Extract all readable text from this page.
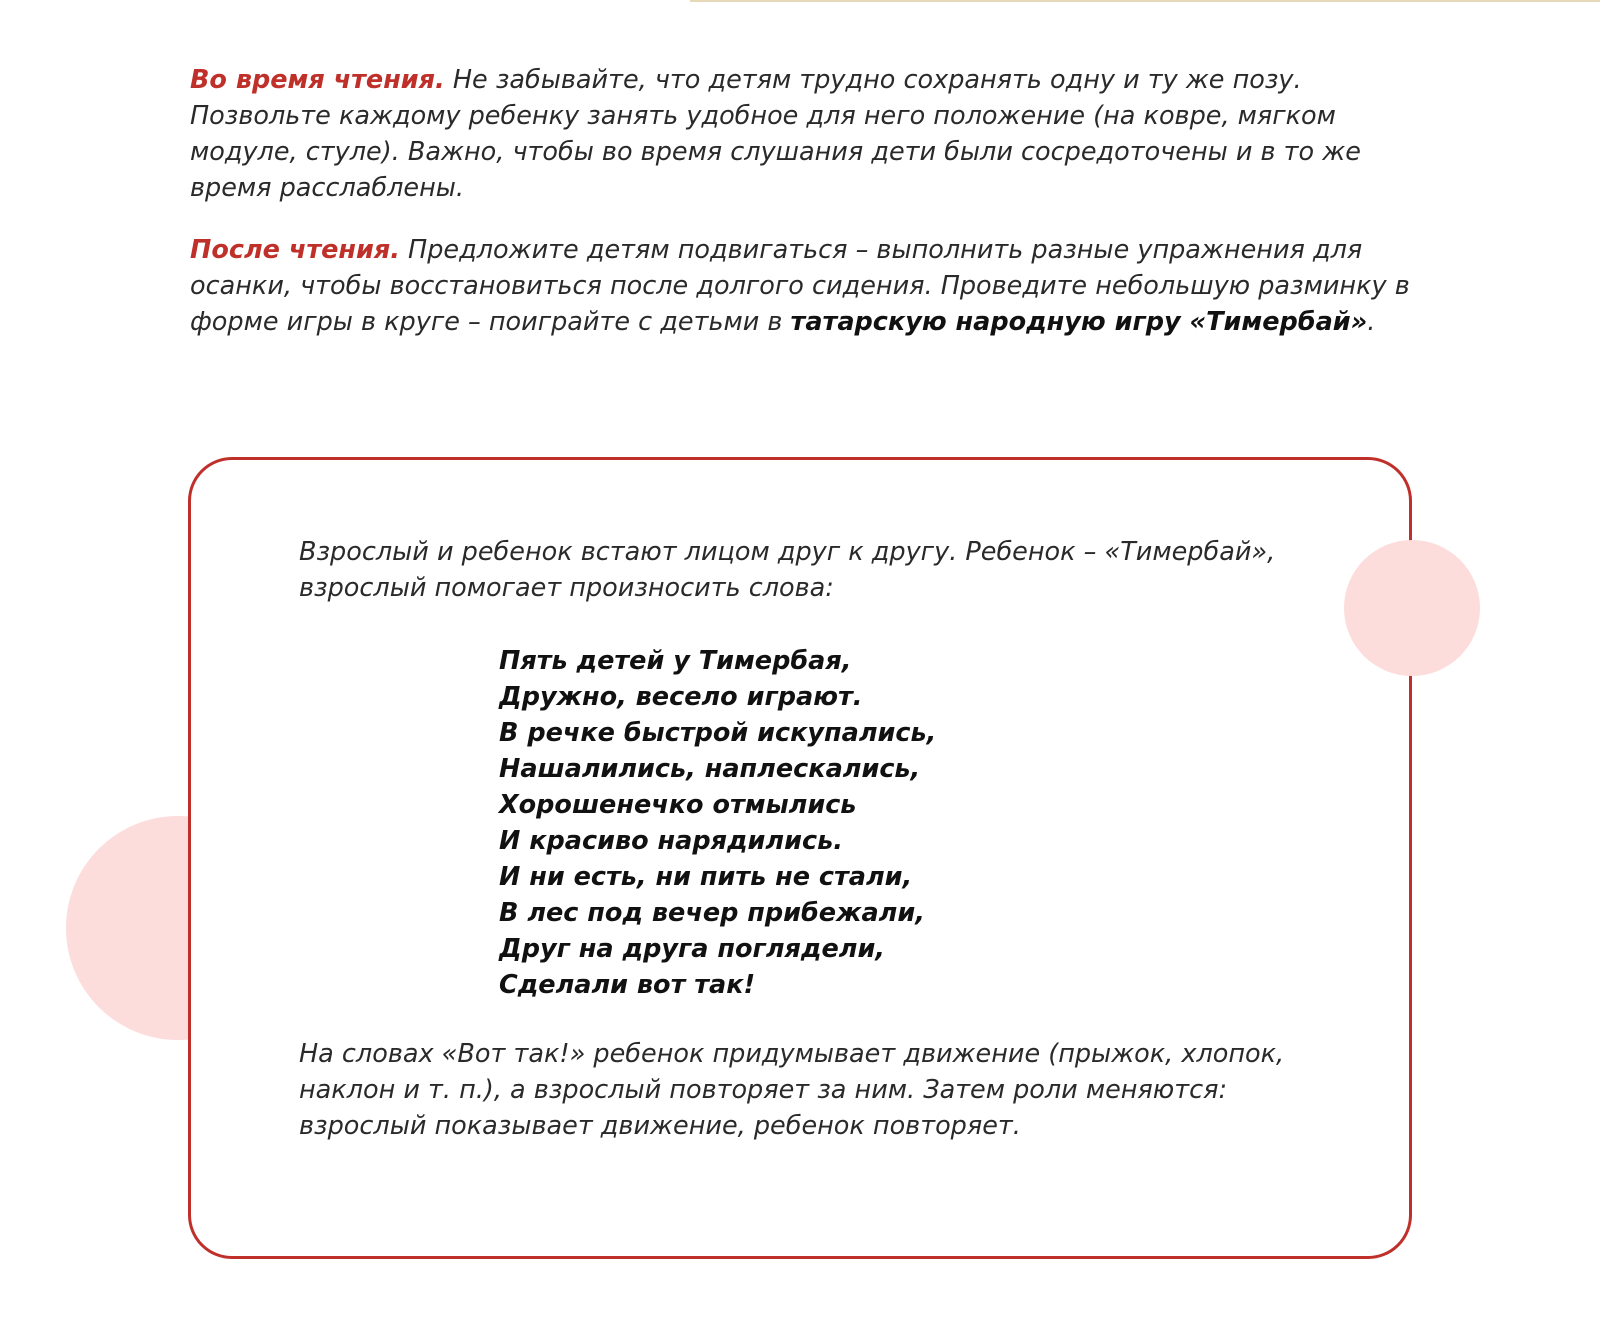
Во время чтения. Не забывайте, что детям трудно сохранять одну и ту же позу. Позвольте каждому ребенку занять удобное для него положение (на ковре, мягком модуле, стуле). Важно, чтобы во время слушания дети были сосредоточены и в то же время расслаблены.

После чтения. Предложите детям подвигаться – выполнить разные упражнения для осанки, чтобы восстановиться после долгого сидения. Проведите небольшую разминку в форме игры в круге – поиграйте с детьми в татарскую народную игру «Тимербай».

Взрослый и ребенок встают лицом друг к другу. Ребенок – «Тимербай», взрослый помогает произносить слова:

Пять детей у Тимербая,
Дружно, весело играют.
В речке быстрой искупались,
Нашалились, наплескались,
Хорошенечко отмылись
И красиво нарядились.
И ни есть, ни пить не стали,
В лес под вечер прибежали,
Друг на друга поглядели,
Сделали вот так!

На словах «Вот так!» ребенок придумывает движение (прыжок, хлопок, наклон и т. п.), а взрослый повторяет за ним. Затем роли меняются: взрослый показывает движение, ребенок повторяет.
